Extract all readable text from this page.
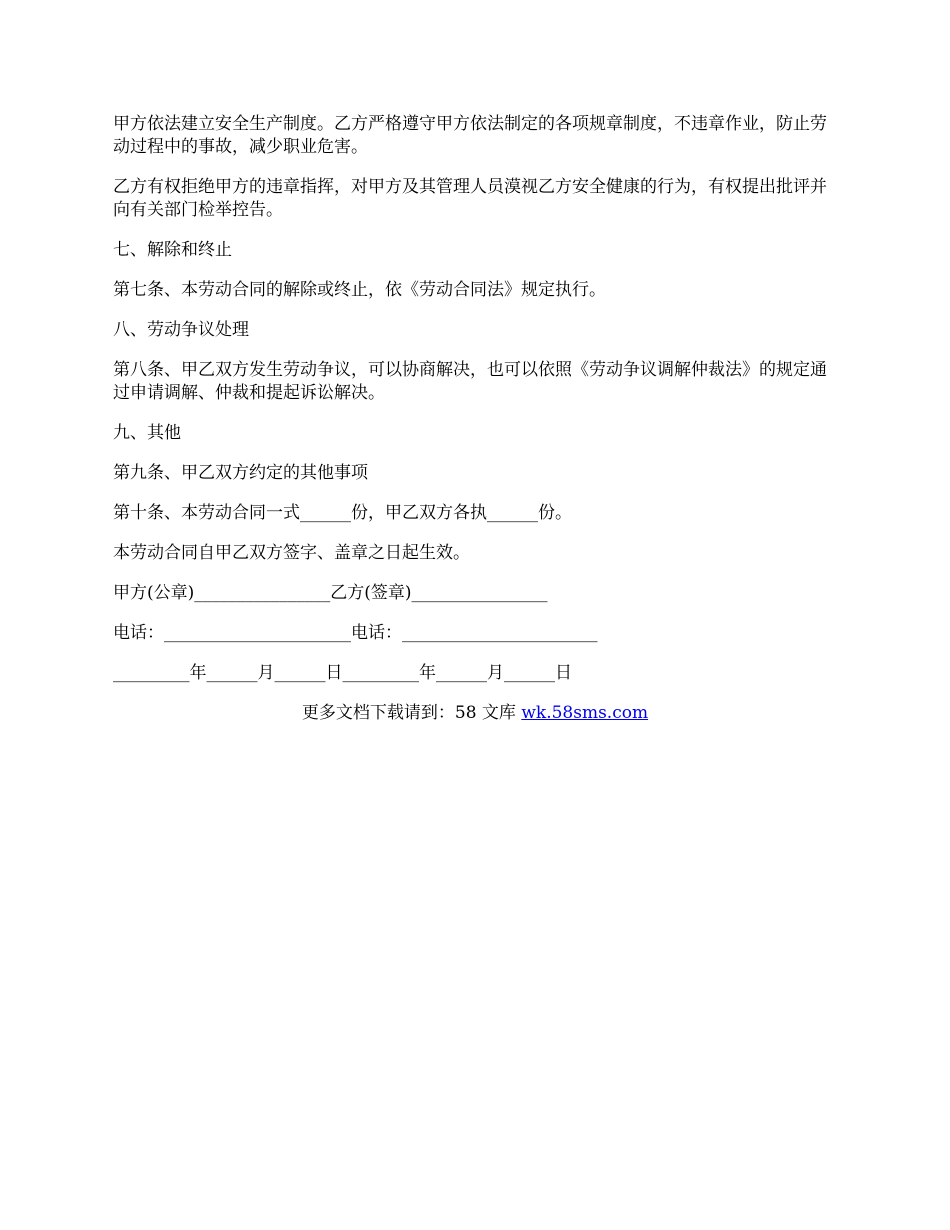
甲方依法建立安全生产制度。乙方严格遵守甲方依法制定的各项规章制度，不违章作业，防止劳动过程中的事故，减少职业危害。

乙方有权拒绝甲方的违章指挥，对甲方及其管理人员漠视乙方安全健康的行为，有权提出批评并向有关部门检举控告。

七、解除和终止

第七条、本劳动合同的解除或终止，依《劳动合同法》规定执行。

八、劳动争议处理

第八条、甲乙双方发生劳动争议，可以协商解决，也可以依照《劳动争议调解仲裁法》的规定通过申请调解、仲裁和提起诉讼解决。

九、其他

第九条、甲乙双方约定的其他事项

第十条、本劳动合同一式______份，甲乙双方各执______份。

本劳动合同自甲乙双方签字、盖章之日起生效。

甲方(公章)________________乙方(签章)________________

电话：______________________电话：_______________________

_________年______月______日_________年______月______日

更多文档下载请到：58 文库 wk.58sms.com
